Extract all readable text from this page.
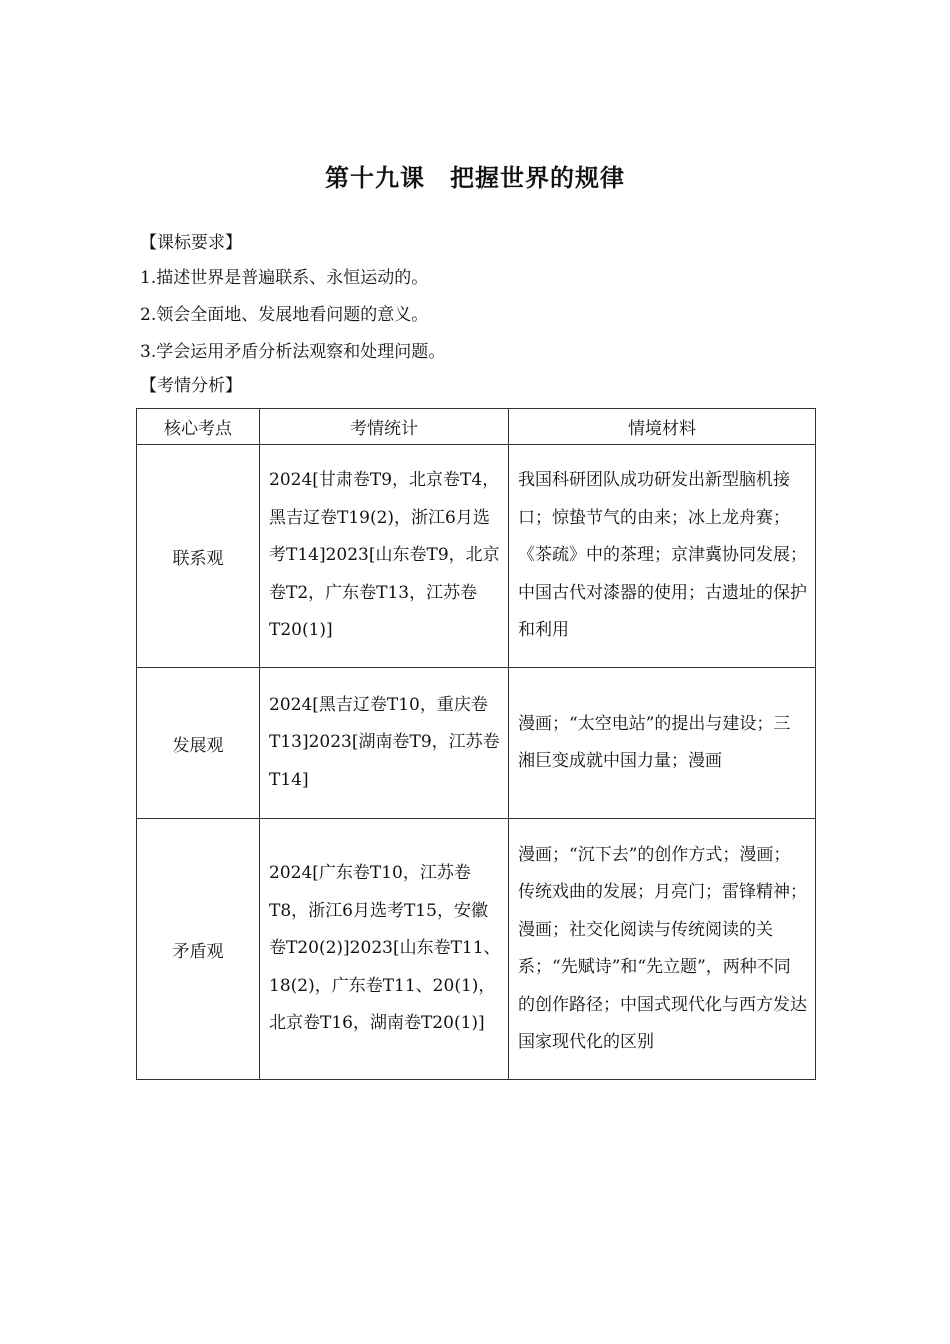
第十九课　把握世界的规律
【课标要求】
1.描述世界是普遍联系、永恒运动的。
2.领会全面地、发展地看问题的意义。
3.学会运用矛盾分析法观察和处理问题。
【考情分析】
核心考点	考情统计	情境材料
联系观	2024[甘肃卷T9，北京卷T4，黑吉辽卷T19(2)，浙江6月选考T14]2023[山东卷T9，北京卷T2，广东卷T13，江苏卷T20(1)]	我国科研团队成功研发出新型脑机接口；惊蛰节气的由来；冰上龙舟赛；《茶疏》中的茶理；京津冀协同发展；中国古代对漆器的使用；古遗址的保护和利用
发展观	2024[黑吉辽卷T10，重庆卷T13]2023[湖南卷T9，江苏卷T14]	漫画；“太空电站”的提出与建设；三湘巨变成就中国力量；漫画
矛盾观	2024[广东卷T10，江苏卷T8，浙江6月选考T15，安徽卷T20(2)]2023[山东卷T11、18(2)，广东卷T11、20(1)，北京卷T16，湖南卷T20(1)]	漫画；“沉下去”的创作方式；漫画；传统戏曲的发展；月亮门；雷锋精神；漫画；社交化阅读与传统阅读的关系；“先赋诗”和“先立题”，两种不同的创作路径；中国式现代化与西方发达国家现代化的区别
